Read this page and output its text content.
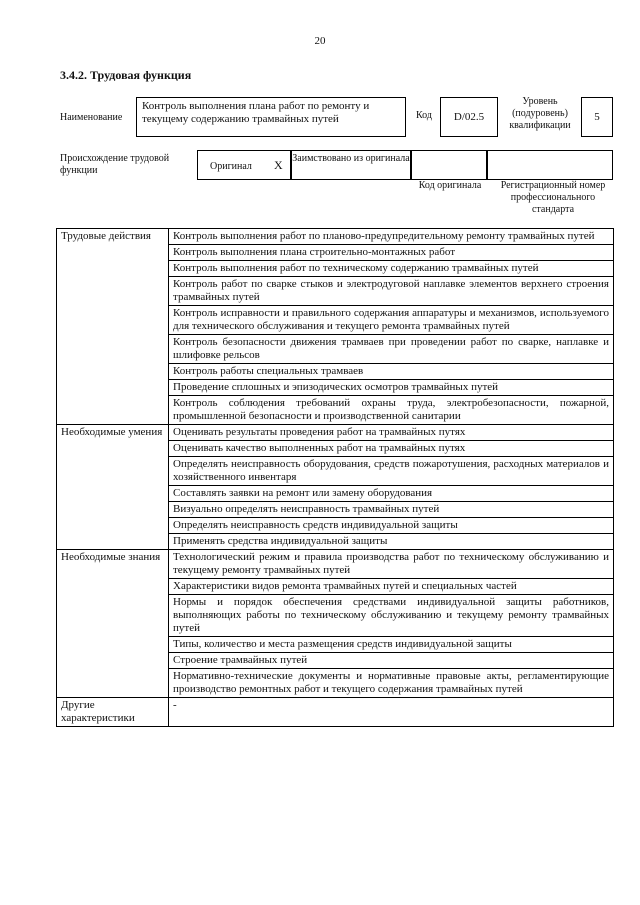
20
3.4.2. Трудовая функция
Наименование
Контроль выполнения плана работ по ремонту и текущему содержанию трамвайных путей	Код	D/02.5
Уровень (подуровень) квалификации
5
Происхождение трудовой функции	Оригинал X Заимствовано из оригинала
Код оригинала	Регистрационный номер профессионального стандарта
Трудовые действия	Контроль выполнения работ по планово-предупредительному ремонту трамвайных путей
	Контроль выполнения плана строительно-монтажных работ
	Контроль выполнения работ по техническому содержанию трамвайных путей
	Контроль работ по сварке стыков и электродуговой наплавке элементов верхнего строения трамвайных путей
	Контроль исправности и правильного содержания аппаратуры и механизмов, используемого для технического обслуживания и текущего ремонта трамвайных путей
	Контроль безопасности движения трамваев при проведении работ по сварке, наплавке и шлифовке рельсов
	Контроль работы специальных трамваев
	Проведение сплошных и эпизодических осмотров трамвайных путей
	Контроль соблюдения требований охраны труда, электробезопасности, пожарной, промышленной безопасности и производственной санитарии
Необходимые умения	Оценивать результаты проведения работ на трамвайных путях
	Оценивать качество выполненных работ на трамвайных путях
	Определять неисправность оборудования, средств пожаротушения, расходных материалов и хозяйственного инвентаря
	Составлять заявки на ремонт или замену оборудования
	Визуально определять неисправность трамвайных путей
	Определять неисправность средств индивидуальной защиты
	Применять средства индивидуальной защиты
Необходимые знания	Технологический режим и правила производства работ по техническому обслуживанию и текущему ремонту трамвайных путей
	Характеристики видов ремонта трамвайных путей и специальных частей
	Нормы и порядок обеспечения средствами индивидуальной защиты работников, выполняющих работы по техническому обслуживанию и текущему ремонту трамвайных путей
	Типы, количество и места размещения средств индивидуальной защиты
	Строение трамвайных путей
	Нормативно-технические документы и нормативные правовые акты, регламентирующие производство ремонтных работ и текущего содержания трамвайных путей
Другие характеристики	-
